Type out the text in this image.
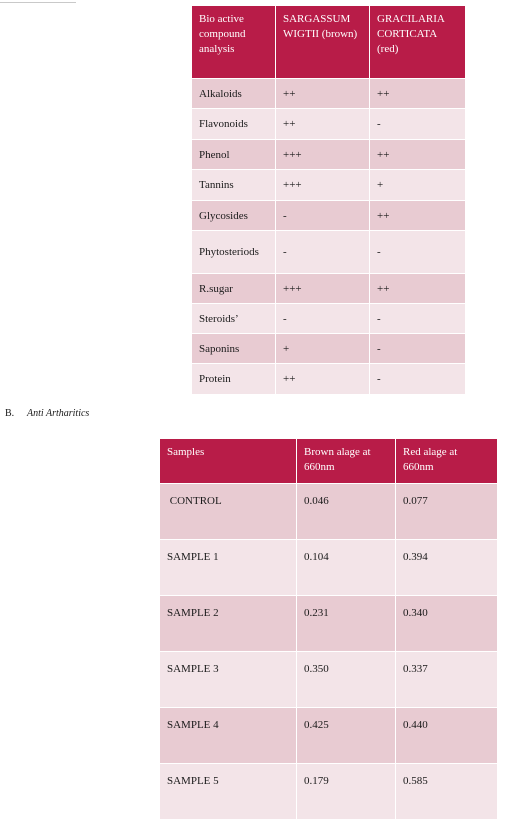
Bio active compound analysis	SARGASSUM WIGTII (brown)	GRACILARIA CORTICATA (red)
Alkaloids	++	++
Flavonoids	++	-
Phenol	+++	++
Tannins	+++	+
Glycosides	-	++
Phytosteriods	-	-
R.sugar	+++	++
Steroids’	-	-
Saponins	+	-
Protein	++	-
B. Anti Artharitics
Samples	Brown alage at 660nm	Red alage at 660nm
CONTROL	0.046	0.077
SAMPLE 1	0.104	0.394
SAMPLE 2	0.231	0.340
SAMPLE 3	0.350	0.337
SAMPLE 4	0.425	0.440
SAMPLE 5	0.179	0.585
